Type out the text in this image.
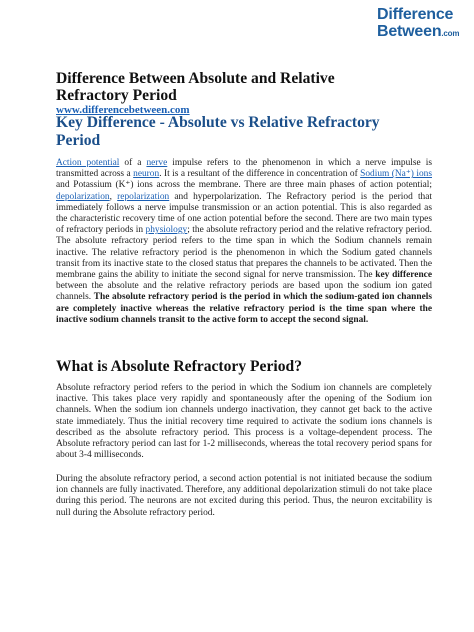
Difference
Between.com
Difference Between Absolute and Relative Refractory Period
www.differencebetween.com
Key Difference - Absolute vs Relative Refractory Period
Action potential of a nerve impulse refers to the phenomenon in which a nerve impulse is transmitted across a neuron. It is a resultant of the difference in concentration of Sodium (Na⁺) ions and Potassium (K⁺) ions across the membrane. There are three main phases of action potential; depolarization, repolarization and hyperpolarization. The Refractory period is the period that immediately follows a nerve impulse transmission or an action potential. This is also regarded as the characteristic recovery time of one action potential before the second. There are two main types of refractory periods in physiology; the absolute refractory period and the relative refractory period. The absolute refractory period refers to the time span in which the Sodium channels remain inactive. The relative refractory period is the phenomenon in which the Sodium gated channels transit from its inactive state to the closed status that prepares the channels to be activated. Then the membrane gains the ability to initiate the second signal for nerve transmission. The key difference between the absolute and the relative refractory periods are based upon the sodium ion gated channels. The absolute refractory period is the period in which the sodium-gated ion channels are completely inactive whereas the relative refractory period is the time span where the inactive sodium channels transit to the active form to accept the second signal.
What is Absolute Refractory Period?
Absolute refractory period refers to the period in which the Sodium ion channels are completely inactive. This takes place very rapidly and spontaneously after the opening of the Sodium ion channels. When the sodium ion channels undergo inactivation, they cannot get back to the active state immediately. Thus the initial recovery time required to activate the sodium ions channels is described as the absolute refractory period. This process is a voltage-dependent process. The Absolute refractory period can last for 1-2 milliseconds, whereas the total recovery period spans for about 3-4 milliseconds.
During the absolute refractory period, a second action potential is not initiated because the sodium ion channels are fully inactivated. Therefore, any additional depolarization stimuli do not take place during this period. The neurons are not excited during this period. Thus, the neuron excitability is null during the Absolute refractory period.
